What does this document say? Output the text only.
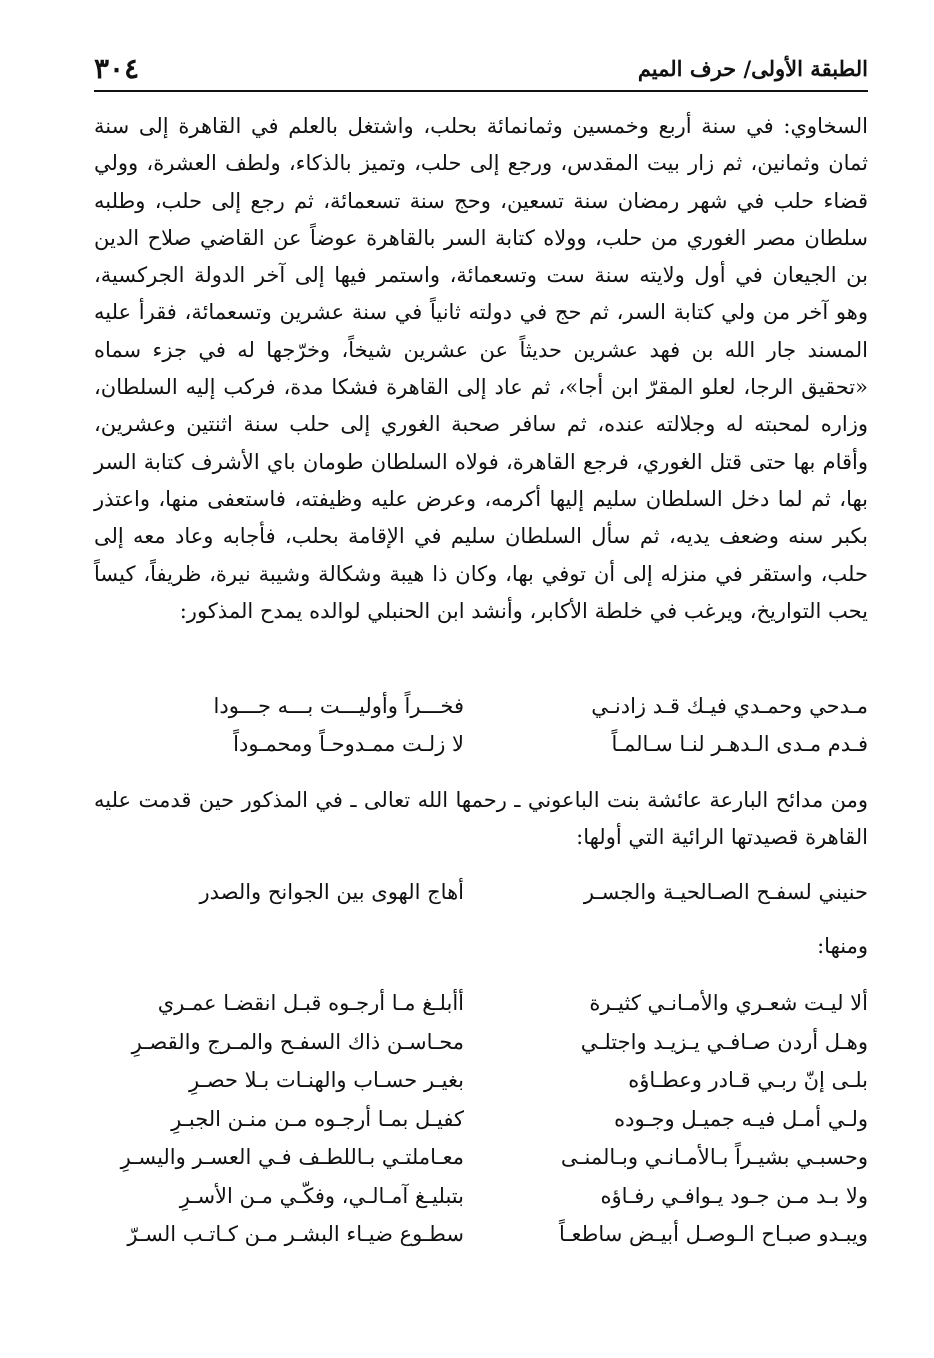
الطبقة الأولى/ حرف الميم
٣٠٤
السخاوي: في سنة أربع وخمسين وثمانمائة بحلب، واشتغل بالعلم في القاهرة إلى سنة ثمان وثمانين، ثم زار بيت المقدس، ورجع إلى حلب، وتميز بالذكاء، ولطف العشرة، وولي قضاء حلب في شهر رمضان سنة تسعين، وحج سنة تسعمائة، ثم رجع إلى حلب، وطلبه سلطان مصر الغوري من حلب، وولاه كتابة السر بالقاهرة عوضاً عن القاضي صلاح الدين بن الجيعان في أول ولايته سنة ست وتسعمائة، واستمر فيها إلى آخر الدولة الجركسية، وهو آخر من ولي كتابة السر، ثم حج في دولته ثانياً في سنة عشرين وتسعمائة، فقرأ عليه المسند جار الله بن فهد عشرين حديثاً عن عشرين شيخاً، وخرّجها له في جزء سماه «تحقيق الرجا، لعلو المقرّ ابن أجا»، ثم عاد إلى القاهرة فشكا مدة، فركب إليه السلطان، وزاره لمحبته له وجلالته عنده، ثم سافر صحبة الغوري إلى حلب سنة اثنتين وعشرين، وأقام بها حتى قتل الغوري، فرجع القاهرة، فولاه السلطان طومان باي الأشرف كتابة السر بها، ثم لما دخل السلطان سليم إليها أكرمه، وعرض عليه وظيفته، فاستعفى منها، واعتذر بكبر سنه وضعف يديه، ثم سأل السلطان سليم في الإقامة بحلب، فأجابه وعاد معه إلى حلب، واستقر في منزله إلى أن توفي بها، وكان ذا هيبة وشكالة وشيبة نيرة، ظريفاً، كيساً يحب التواريخ، ويرغب في خلطة الأكابر، وأنشد ابن الحنبلي لوالده يمدح المذكور:
مـدحي وحمـدي فيـك قـد زادنـي
فخـــراً وأوليـــت بـــه جـــودا
فـدم مـدى الـدهـر لنـا سـالمـاً
لا زلـت ممـدوحـاً ومحمـوداً
ومن مدائح البارعة عائشة بنت الباعوني ـ رحمها الله تعالى ـ في المذكور حين قدمت عليه القاهرة قصيدتها الرائية التي أولها:
حنيني لسفـح الصـالحيـة والجسـر
أهاج الهوى بين الجوانح والصدر
ومنها:
ألا ليـت شعـري والأمـانـي كثيـرة
أأبلـغ مـا أرجـوه قبـل انقضـا عمـري
وهـل أردن صـافـي يـزيـد واجتلـي
محـاسـن ذاك السفـح والمـرج والقصـرِ
بلـى إنّ ربـي قـادر وعطـاؤه
بغيـر حسـاب والهنـات بـلا حصـرِ
ولـي أمـل فيـه جميـل وجـوده
كفيـل بمـا أرجـوه مـن منـن الجبـرِ
وحسبـي بشيـراً بـالأمـانـي وبـالمنـى
معـاملتـي بـاللطـف فـي العسـر واليسـرِ
ولا بـد مـن جـود يـوافـي رفـاؤه
بتبليـغ آمـالـي، وفكّـي مـن الأسـرِ
ويبـدو صبـاح الـوصـل أبيـض ساطعـاً
سطـوع ضيـاء البشـر مـن كـاتـب السـرّ
